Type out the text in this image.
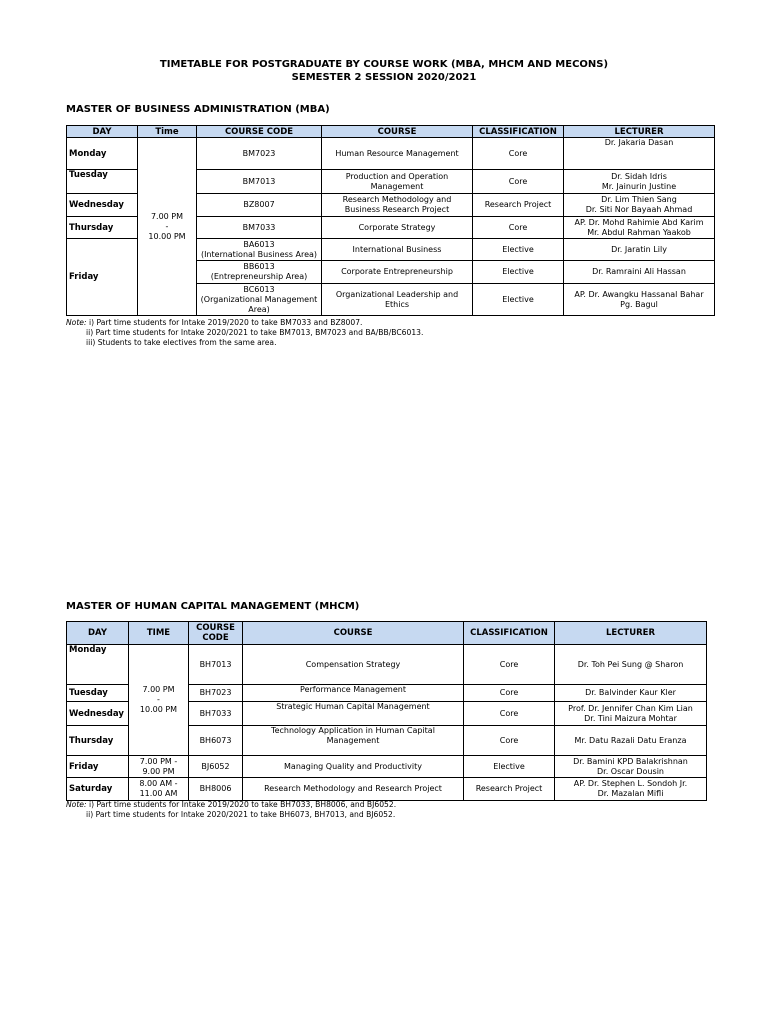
TIMETABLE FOR POSTGRADUATE BY COURSE WORK (MBA, MHCM AND MECONS)
SEMESTER 2 SESSION 2020/2021
MASTER OF BUSINESS ADMINISTRATION (MBA)
DAY	Time	COURSE CODE	COURSE	CLASSIFICATION	LECTURER
Monday	7.00 PM
-
10.00 PM	BM7023	Human Resource Management	Core	Dr. Jakaria Dasan
Tuesday		BM7013	Production and Operation
Management	Core	Dr. Sidah Idris
Mr. Jainurin Justine
Wednesday		BZ8007	Research Methodology and
Business Research Project	Research Project	Dr. Lim Thien Sang
Dr. Siti Nor Bayaah Ahmad
Thursday		BM7033	Corporate Strategy	Core	AP. Dr. Mohd Rahimie Abd Karim
Mr. Abdul Rahman Yaakob
Friday		BA6013
(International Business Area)	International Business	Elective	Dr. Jaratin Lily
		BB6013
(Entrepreneurship Area)	Corporate Entrepreneurship	Elective	Dr. Ramraini Ali Hassan
		BC6013
(Organizational Management
Area)	Organizational Leadership and
Ethics	Elective	AP. Dr. Awangku Hassanal Bahar
Pg. Bagul
Note: i) Part time students for Intake 2019/2020 to take BM7033 and BZ8007.
ii) Part time students for Intake 2020/2021 to take BM7013, BM7023 and BA/BB/BC6013.
iii) Students to take electives from the same area.
MASTER OF HUMAN CAPITAL MANAGEMENT (MHCM)
DAY	TIME	COURSE
CODE	COURSE	CLASSIFICATION	LECTURER
Monday	7.00 PM
-
10.00 PM	BH7013	Compensation Strategy	Core	Dr. Toh Pei Sung @ Sharon
Tuesday		BH7023	Performance Management	Core	Dr. Balvinder Kaur Kler
Wednesday		BH7033	Strategic Human Capital Management	Core	Prof. Dr. Jennifer Chan Kim Lian
Dr. Tini Maizura Mohtar
Thursday		BH6073	Technology Application in Human Capital
Management	Core	Mr. Datu Razali Datu Eranza
Friday	7.00 PM -
9.00 PM	BJ6052	Managing Quality and Productivity	Elective	Dr. Bamini KPD Balakrishnan
Dr. Oscar Dousin
Saturday	8.00 AM -
11.00 AM	BH8006	Research Methodology and Research Project	Research Project	AP. Dr. Stephen L. Sondoh Jr.
Dr. Mazalan Mifli
Note: i) Part time students for Intake 2019/2020 to take BH7033, BH8006, and BJ6052.
ii) Part time students for Intake 2020/2021 to take BH6073, BH7013, and BJ6052.
